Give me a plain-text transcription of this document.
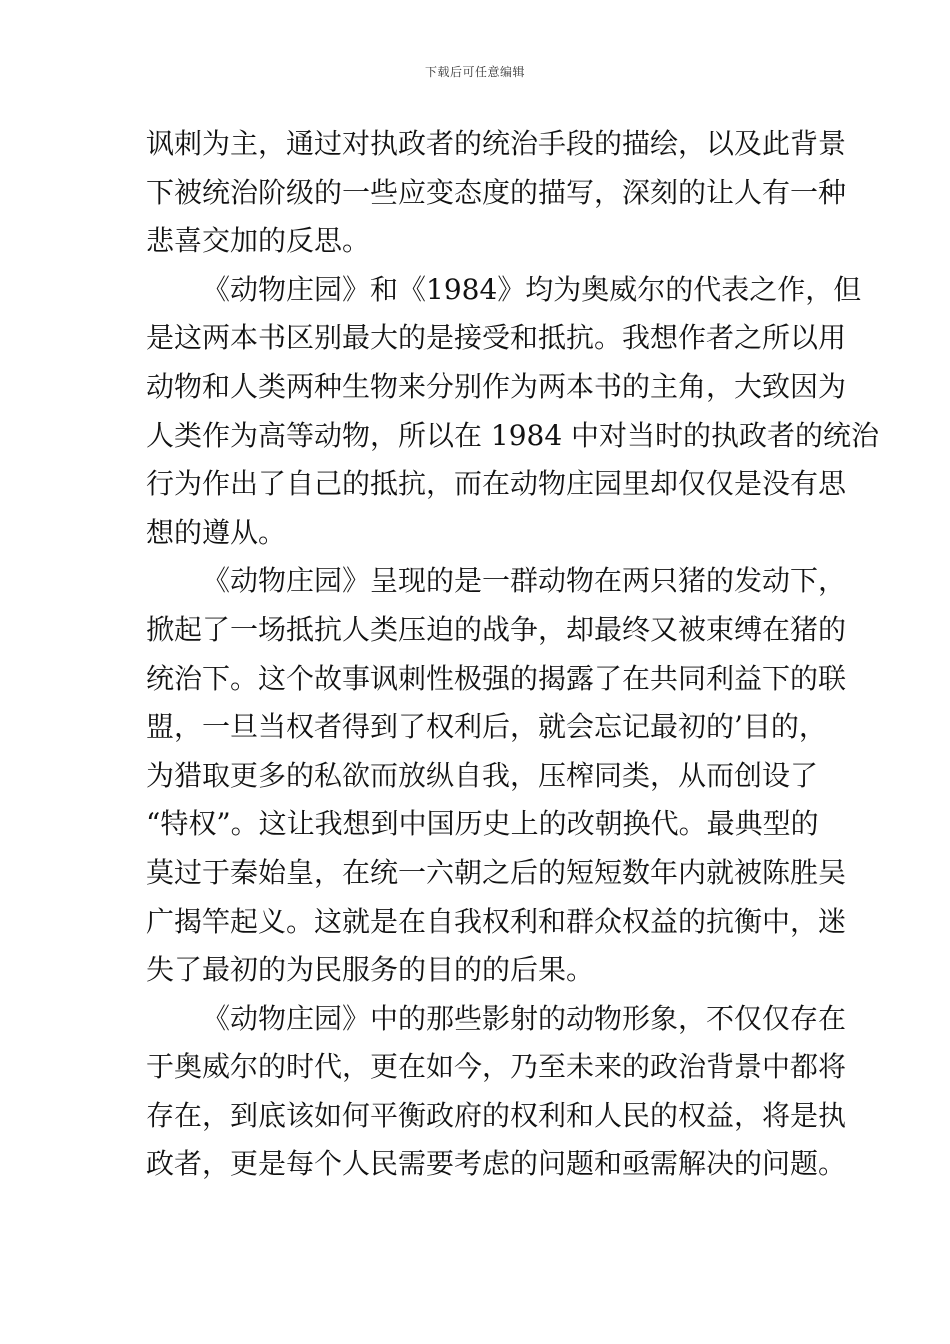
下载后可任意编辑
讽刺为主，通过对执政者的统治手段的描绘，以及此背景
下被统治阶级的一些应变态度的描写，深刻的让人有一种
悲喜交加的反思。
《动物庄园》和《1984》均为奥威尔的代表之作，但
是这两本书区别最大的是接受和抵抗。我想作者之所以用
动物和人类两种生物来分别作为两本书的主角，大致因为
人类作为高等动物，所以在 1984 中对当时的执政者的统治
行为作出了自己的抵抗，而在动物庄园里却仅仅是没有思
想的遵从。
《动物庄园》呈现的是一群动物在两只猪的发动下，
掀起了一场抵抗人类压迫的战争，却最终又被束缚在猪的
统治下。这个故事讽刺性极强的揭露了在共同利益下的联
盟，一旦当权者得到了权利后，就会忘记最初的’目的，
为猎取更多的私欲而放纵自我，压榨同类，从而创设了
“特权”。这让我想到中国历史上的改朝换代。最典型的
莫过于秦始皇，在统一六朝之后的短短数年内就被陈胜吴
广揭竿起义。这就是在自我权利和群众权益的抗衡中，迷
失了最初的为民服务的目的的后果。
《动物庄园》中的那些影射的动物形象，不仅仅存在
于奥威尔的时代，更在如今，乃至未来的政治背景中都将
存在，到底该如何平衡政府的权利和人民的权益，将是执
政者，更是每个人民需要考虑的问题和亟需解决的问题。
